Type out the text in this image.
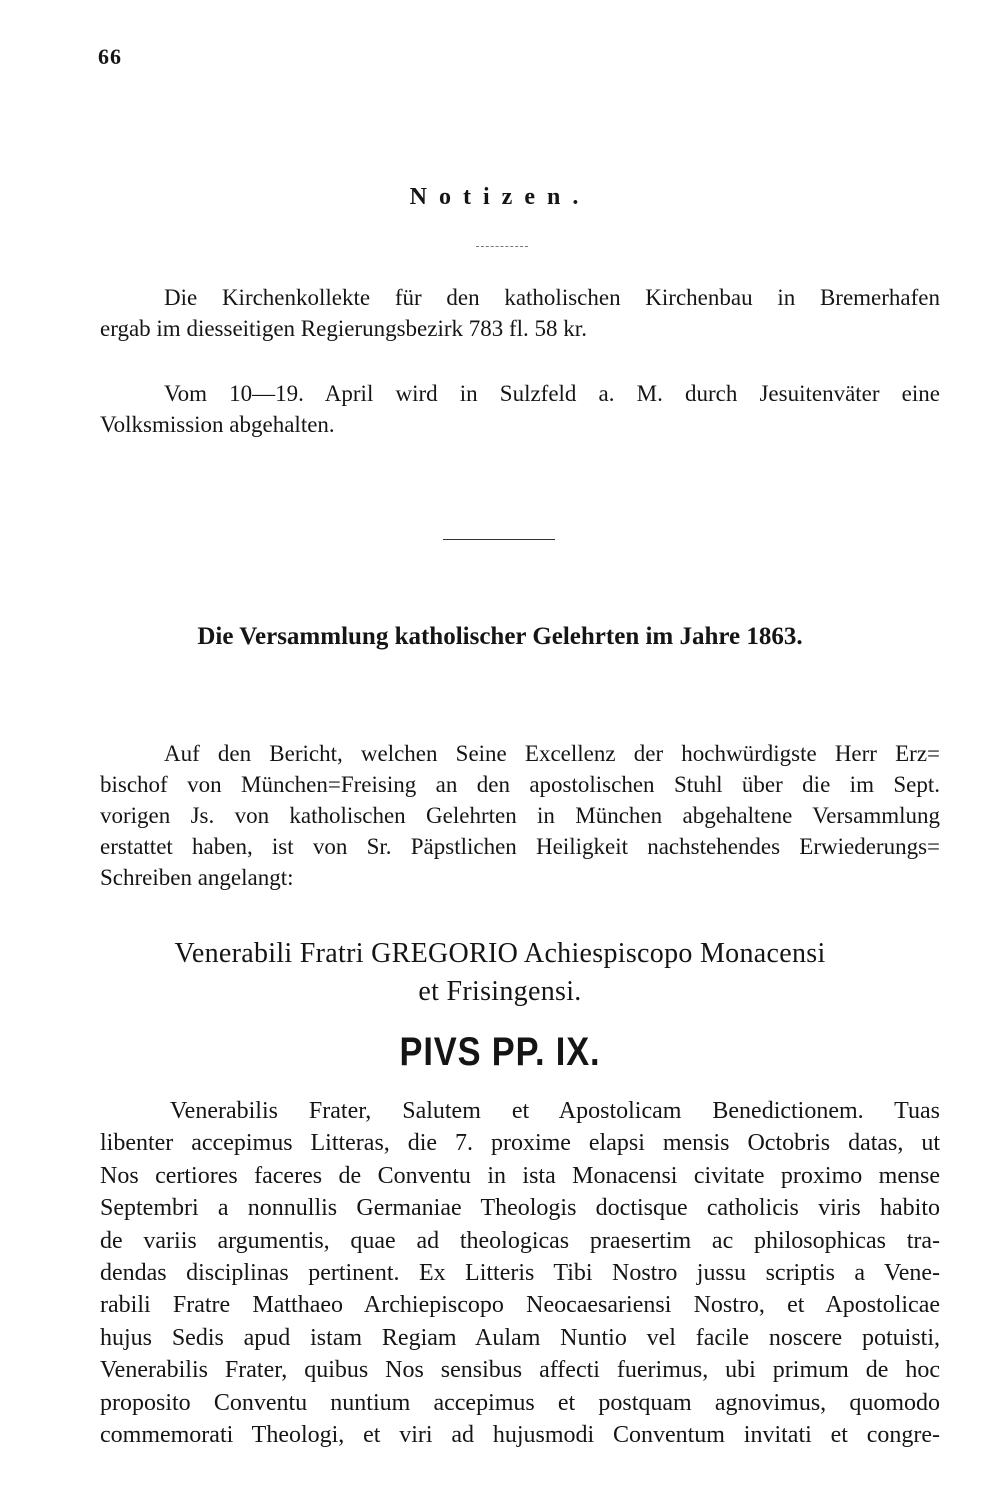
66
Notizen.
Die Kirchenkollekte für den katholischen Kirchenbau in Bremerhafen
ergab im diesseitigen Regierungsbezirk 783 fl. 58 kr.
Vom 10—19. April wird in Sulzfeld a. M. durch Jesuitenväter eine
Volksmission abgehalten.
Die Versammlung katholischer Gelehrten im Jahre 1863.
Auf den Bericht, welchen Seine Excellenz der hochwürdigste Herr Erz=
bischof von München=Freising an den apostolischen Stuhl über die im Sept.
vorigen Js. von katholischen Gelehrten in München abgehaltene Versammlung
erstattet haben, ist von Sr. Päpstlichen Heiligkeit nachstehendes Erwiederungs=
Schreiben angelangt:
Venerabili Fratri GREGORIO Achiespiscopo Monacensi
et Frisingensi.
PIVS PP. IX.
Venerabilis Frater, Salutem et Apostolicam Benedictionem. Tuas
libenter accepimus Litteras, die 7. proxime elapsi mensis Octobris datas, ut
Nos certiores faceres de Conventu in ista Monacensi civitate proximo mense
Septembri a nonnullis Germaniae Theologis doctisque catholicis viris habito
de variis argumentis, quae ad theologicas praesertim ac philosophicas tra-
dendas disciplinas pertinent. Ex Litteris Tibi Nostro jussu scriptis a Vene-
rabili Fratre Matthaeo Archiepiscopo Neocaesariensi Nostro, et Apostolicae
hujus Sedis apud istam Regiam Aulam Nuntio vel facile noscere potuisti,
Venerabilis Frater, quibus Nos sensibus affecti fuerimus, ubi primum de hoc
proposito Conventu nuntium accepimus et postquam agnovimus, quomodo
commemorati Theologi, et viri ad hujusmodi Conventum invitati et congre-
